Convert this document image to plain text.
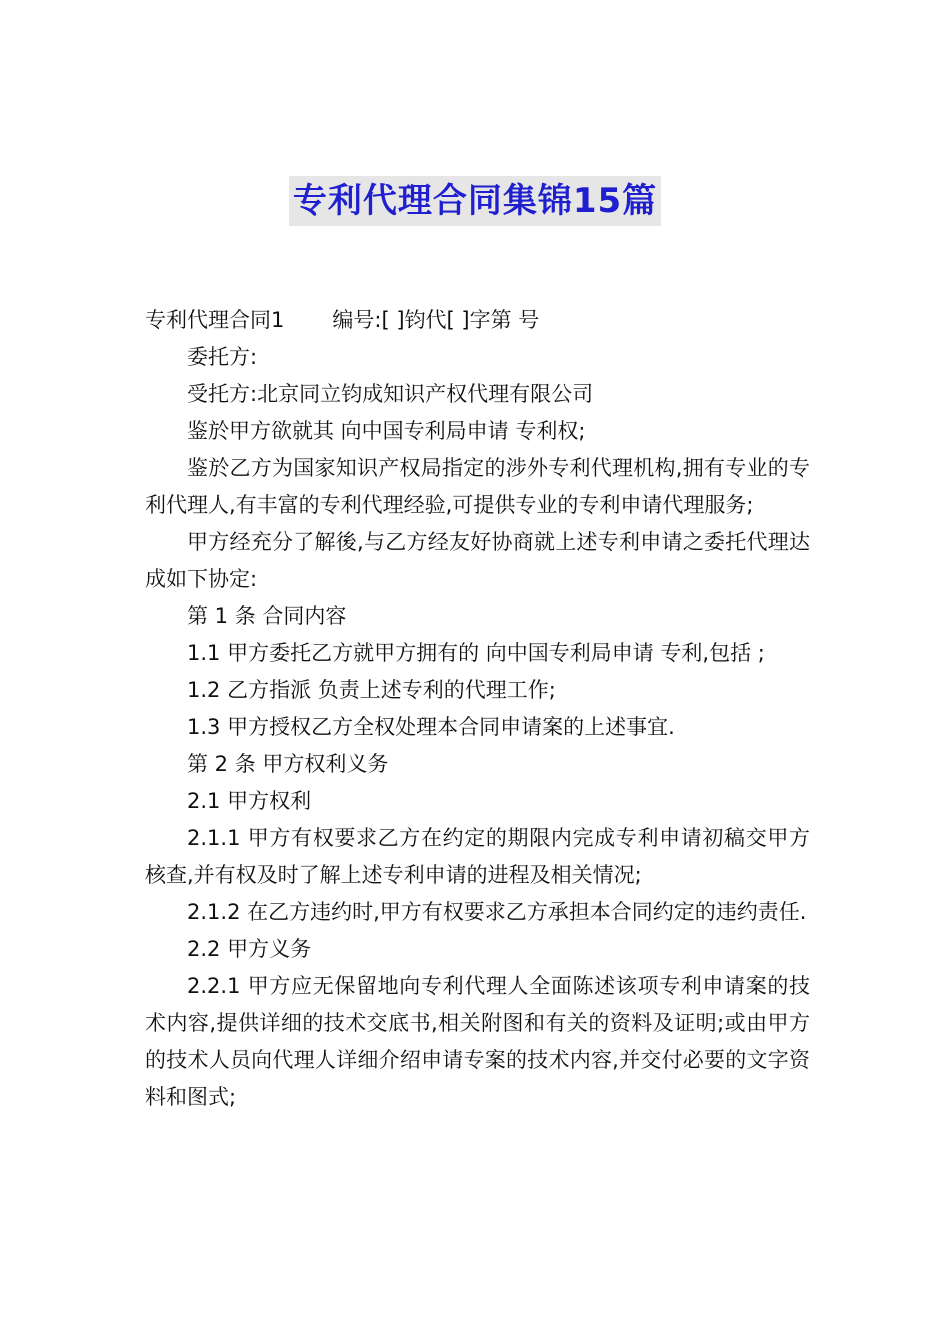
专利代理合同集锦15篇

专利代理合同1 编号:[ ]钧代[ ]字第 号

委托方:

受托方:北京同立钧成知识产权代理有限公司

鉴於甲方欲就其 向中国专利局申请 专利权;

鉴於乙方为国家知识产权局指定的涉外专利代理机构,拥有专业的专利代理人,有丰富的专利代理经验,可提供专业的专利申请代理服务;

甲方经充分了解後,与乙方经友好协商就上述专利申请之委托代理达成如下协定:

第 1 条 合同内容

1.1 甲方委托乙方就甲方拥有的 向中国专利局申请 专利,包括 ;

1.2 乙方指派 负责上述专利的代理工作;

1.3 甲方授权乙方全权处理本合同申请案的上述事宜.

第 2 条 甲方权利义务

2.1 甲方权利

2.1.1 甲方有权要求乙方在约定的期限内完成专利申请初稿交甲方核查,并有权及时了解上述专利申请的进程及相关情况;

2.1.2 在乙方违约时,甲方有权要求乙方承担本合同约定的违约责任.

2.2 甲方义务

2.2.1 甲方应无保留地向专利代理人全面陈述该项专利申请案的技术内容,提供详细的技术交底书,相关附图和有关的资料及证明;或由甲方的技术人员向代理人详细介绍申请专案的技术内容,并交付必要的文字资料和图式;
